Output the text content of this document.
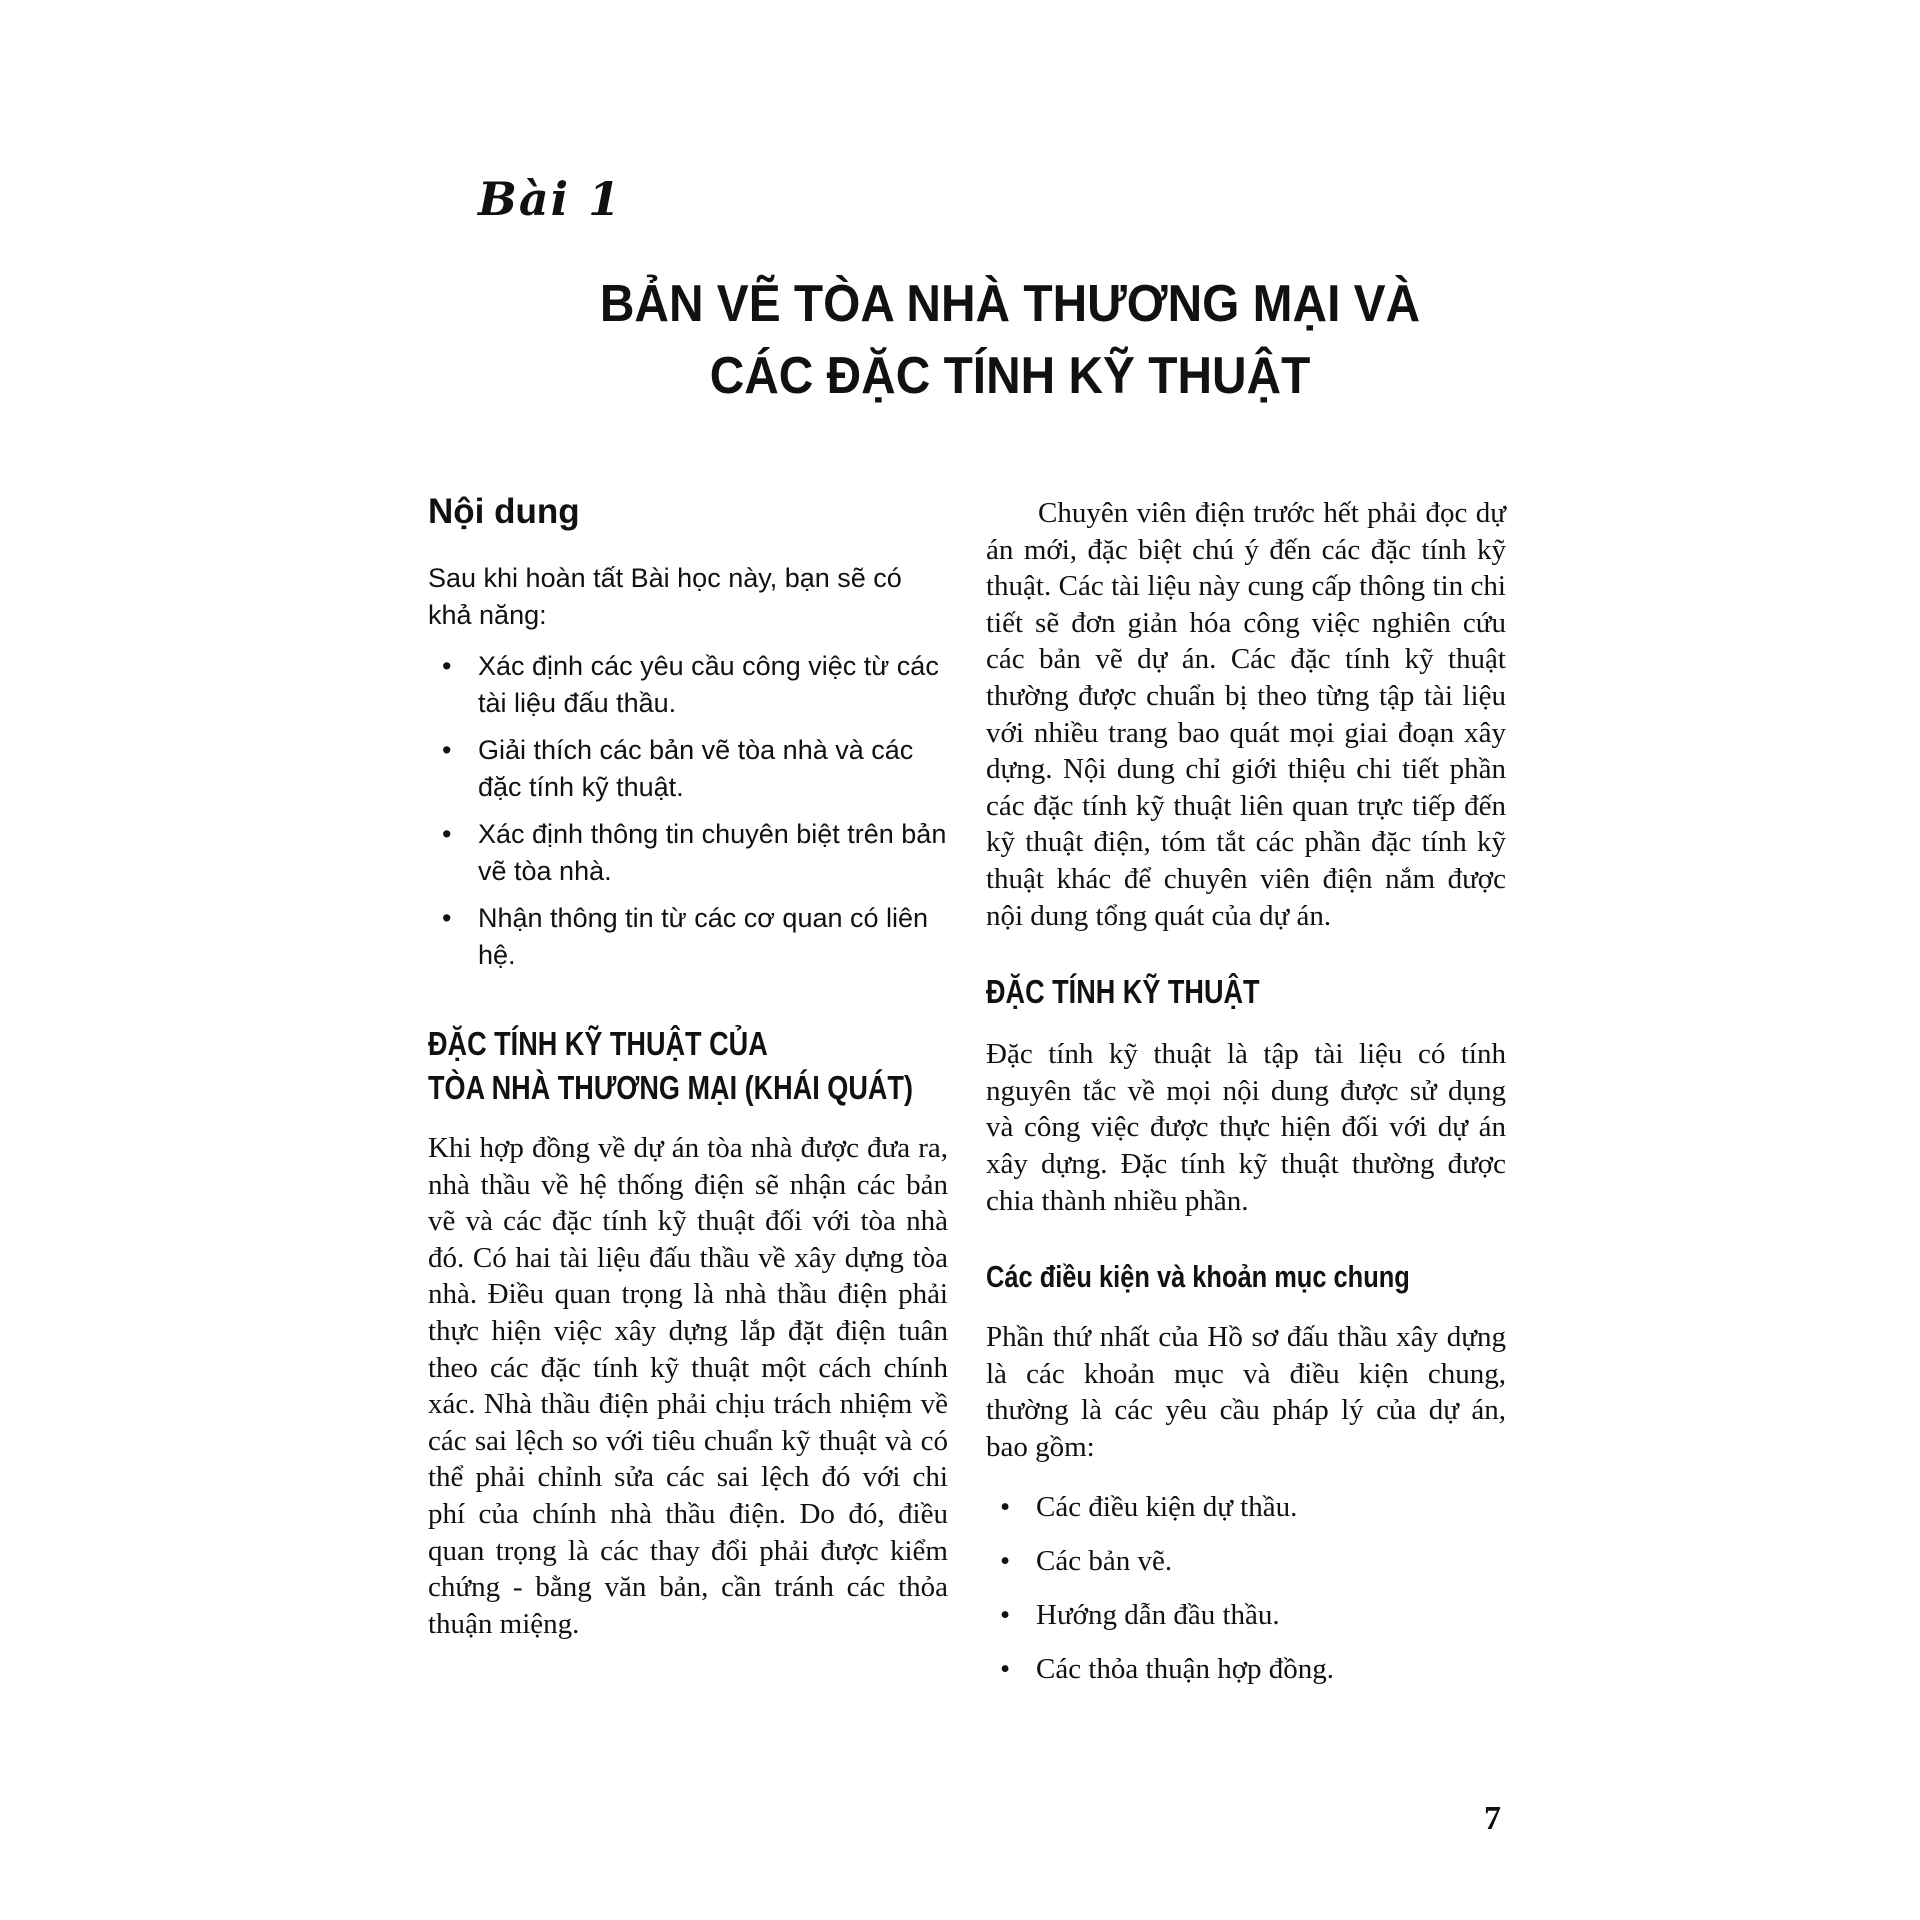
Bài 1
BẢN VẼ TÒA NHÀ THƯƠNG MẠI VÀ
CÁC ĐẶC TÍNH KỸ THUẬT
Nội dung

Sau khi hoàn tất Bài học này, bạn sẽ có khả năng:

• Xác định các yêu cầu công việc từ các tài liệu đấu thầu.
• Giải thích các bản vẽ tòa nhà và các đặc tính kỹ thuật.
• Xác định thông tin chuyên biệt trên bản vẽ tòa nhà.
• Nhận thông tin từ các cơ quan có liên hệ.
ĐẶC TÍNH KỸ THUẬT CỦA
TÒA NHÀ THƯƠNG MẠI (KHÁI QUÁT)

Khi hợp đồng về dự án tòa nhà được đưa ra, nhà thầu về hệ thống điện sẽ nhận các bản vẽ và các đặc tính kỹ thuật đối với tòa nhà đó. Có hai tài liệu đấu thầu về xây dựng tòa nhà. Điều quan trọng là nhà thầu điện phải thực hiện việc xây dựng lắp đặt điện tuân theo các đặc tính kỹ thuật một cách chính xác. Nhà thầu điện phải chịu trách nhiệm về các sai lệch so với tiêu chuẩn kỹ thuật và có thể phải chỉnh sửa các sai lệch đó với chi phí của chính nhà thầu điện. Do đó, điều quan trọng là các thay đổi phải được kiểm chứng - bằng văn bản, cần tránh các thỏa thuận miệng.

Chuyên viên điện trước hết phải đọc dự án mới, đặc biệt chú ý đến các đặc tính kỹ thuật. Các tài liệu này cung cấp thông tin chi tiết sẽ đơn giản hóa công việc nghiên cứu các bản vẽ dự án. Các đặc tính kỹ thuật thường được chuẩn bị theo từng tập tài liệu với nhiều trang bao quát mọi giai đoạn xây dựng. Nội dung chỉ giới thiệu chi tiết phần các đặc tính kỹ thuật liên quan trực tiếp đến kỹ thuật điện, tóm tắt các phần đặc tính kỹ thuật khác để chuyên viên điện nắm được nội dung tổng quát của dự án.

ĐẶC TÍNH KỸ THUẬT

Đặc tính kỹ thuật là tập tài liệu có tính nguyên tắc về mọi nội dung được sử dụng và công việc được thực hiện đối với dự án xây dựng. Đặc tính kỹ thuật thường được chia thành nhiều phần.

Các điều kiện và khoản mục chung

Phần thứ nhất của Hồ sơ đấu thầu xây dựng là các khoản mục và điều kiện chung, thường là các yêu cầu pháp lý của dự án, bao gồm:

• Các điều kiện dự thầu.
• Các bản vẽ.
• Hướng dẫn đầu thầu.
• Các thỏa thuận hợp đồng.
7
